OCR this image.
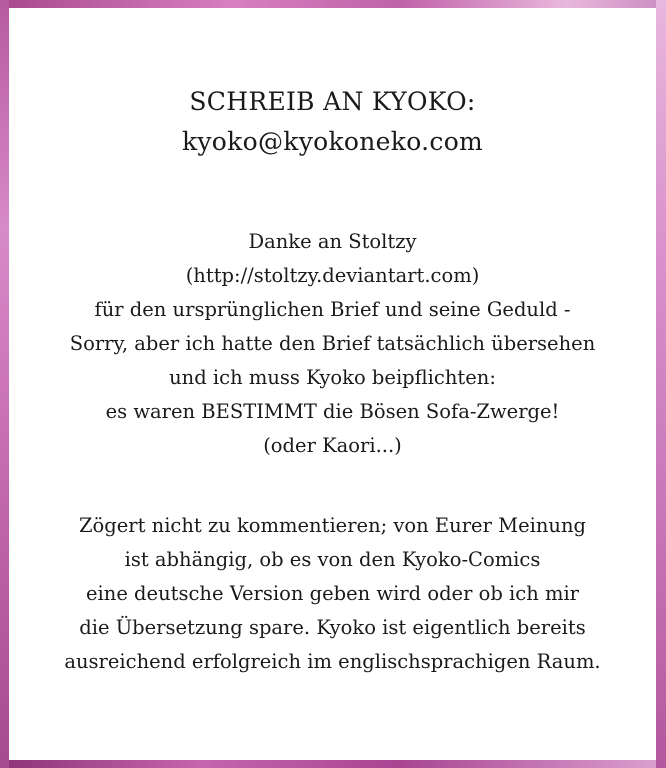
SCHREIB AN KYOKO:
kyoko@kyokoneko.com
Danke an Stoltzy
(http://stoltzy.deviantart.com)
für den ursprünglichen Brief und seine Geduld -
Sorry, aber ich hatte den Brief tatsächlich übersehen
und ich muss Kyoko beipflichten:
es waren BESTIMMT die Bösen Sofa-Zwerge!
(oder Kaori...)
Zögert nicht zu kommentieren; von Eurer Meinung
ist abhängig, ob es von den Kyoko-Comics
eine deutsche Version geben wird oder ob ich mir
die Übersetzung spare. Kyoko ist eigentlich bereits
ausreichend erfolgreich im englischsprachigen Raum.
